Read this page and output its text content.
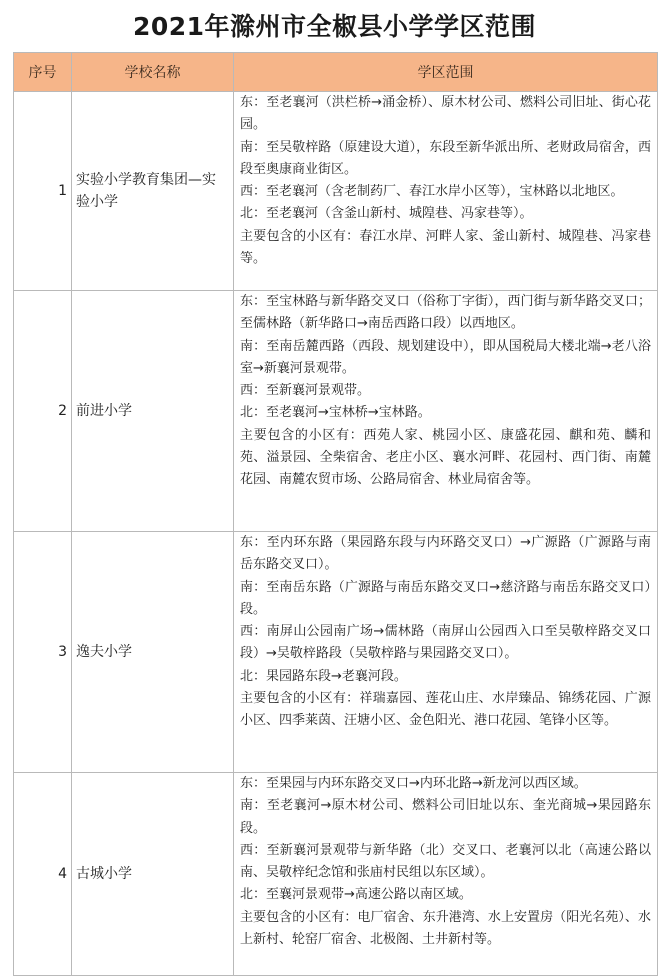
2021年滁州市全椒县小学学区范围
序号	学校名称	学区范围
1	实验小学教育集团—实验小学	东：至老襄河（洪栏桥→涌金桥）、原木材公司、燃料公司旧址、街心花园。
南：至吴敬梓路（原建设大道），东段至新华派出所、老财政局宿舍，西段至奥康商业街区。
西：至老襄河（含老制药厂、春江水岸小区等），宝林路以北地区。
北：至老襄河（含釜山新村、城隍巷、冯家巷等）。
主要包含的小区有：春江水岸、河畔人家、釜山新村、城隍巷、冯家巷等。

2	前进小学	东：至宝林路与新华路交叉口（俗称丁字街），西门街与新华路交叉口；至儒林路（新华路口→南岳西路口段）以西地区。
南：至南岳麓西路（西段、规划建设中），即从国税局大楼北端→老八浴室→新襄河景观带。
西：至新襄河景观带。
北：至老襄河→宝林桥→宝林路。
主要包含的小区有：西苑人家、桃园小区、康盛花园、麒和苑、麟和苑、溢景园、全柴宿舍、老庄小区、襄水河畔、花园村、西门街、南麓花园、南麓农贸市场、公路局宿舍、林业局宿舍等。

3	逸夫小学	东：至内环东路（果园路东段与内环路交叉口）→广源路（广源路与南岳东路交叉口）。
南：至南岳东路（广源路与南岳东路交叉口→慈济路与南岳东路交叉口）段。
西：南屏山公园南广场→儒林路（南屏山公园西入口至吴敬梓路交叉口段）→吴敬梓路段（吴敬梓路与果园路交叉口）。
北：果园路东段→老襄河段。
主要包含的小区有：祥瑞嘉园、莲花山庄、水岸臻品、锦绣花园、广源小区、四季莱茵、汪塘小区、金色阳光、港口花园、笔锋小区等。

4	古城小学	东：至果园与内环东路交叉口→内环北路→新龙河以西区域。
南：至老襄河→原木材公司、燃料公司旧址以东、奎光商城→果园路东段。
西：至新襄河景观带与新华路（北）交叉口、老襄河以北（高速公路以南、吴敬梓纪念馆和张庙村民组以东区域）。
北：至襄河景观带→高速公路以南区域。
主要包含的小区有：电厂宿舍、东升港湾、水上安置房（阳光名苑）、水上新村、轮窑厂宿舍、北极阁、土井新村等。
